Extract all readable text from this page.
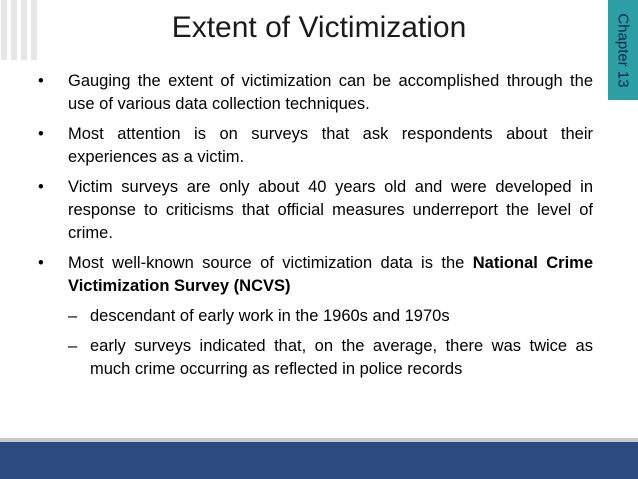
Extent of Victimization	Chapter 13
•	Gauging the extent of victimization can be accomplished through the use of various data collection techniques.
•	Most attention is on surveys that ask respondents about their experiences as a victim.
•	Victim surveys are only about 40 years old and were developed in response to criticisms that official measures underreport the level of crime.
•	Most well-known source of victimization data is the National Crime Victimization Survey (NCVS)
– descendant of early work in the 1960s and 1970s
– early surveys indicated that, on the average, there was twice as much crime occurring as reflected in police records
